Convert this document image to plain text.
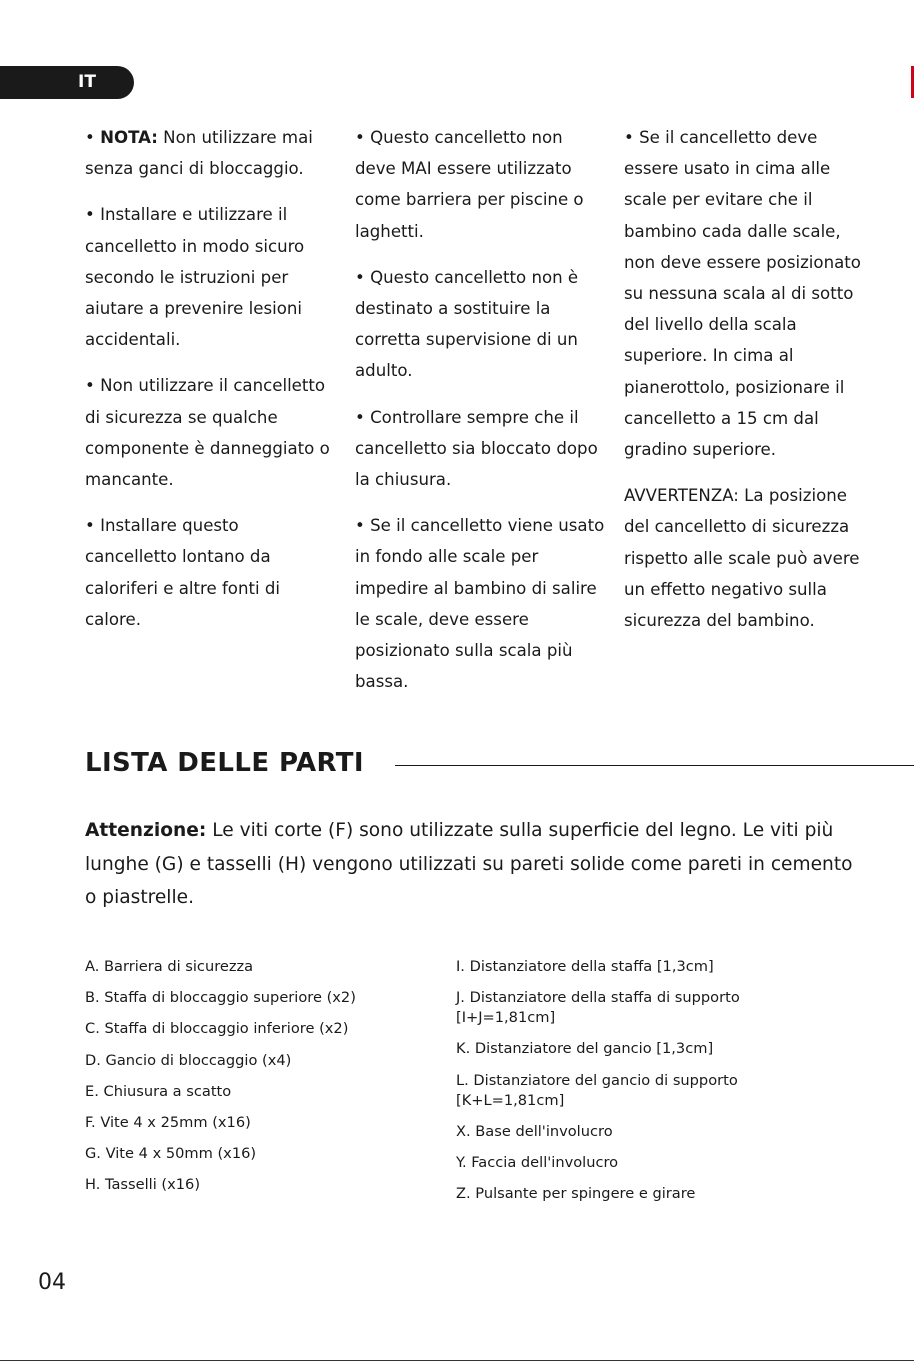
IT

• NOTA: Non utilizzare mai senza ganci di bloccaggio.

• Installare e utilizzare il cancelletto in modo sicuro secondo le istruzioni per aiutare a prevenire lesioni accidentali.

• Non utilizzare il cancelletto di sicurezza se qualche componente è danneggiato o mancante.

• Installare questo cancelletto lontano da caloriferi e altre fonti di calore.

• Questo cancelletto non deve MAI essere utilizzato come barriera per piscine o laghetti.

• Questo cancelletto non è destinato a sostituire la corretta supervisione di un adulto.

• Controllare sempre che il cancelletto sia bloccato dopo la chiusura.

• Se il cancelletto viene usato in fondo alle scale per impedire al bambino di salire le scale, deve essere posizionato sulla scala più bassa.

• Se il cancelletto deve essere usato in cima alle scale per evitare che il bambino cada dalle scale, non deve essere posizionato su nessuna scala al di sotto del livello della scala superiore. In cima al pianerottolo, posizionare il cancelletto a 15 cm dal gradino superiore.

AVVERTENZA: La posizione del cancelletto di sicurezza rispetto alle scale può avere un effetto negativo sulla sicurezza del bambino.

LISTA DELLE PARTI

Attenzione: Le viti corte (F) sono utilizzate sulla superficie del legno. Le viti più lunghe (G) e tasselli (H) vengono utilizzati su pareti solide come pareti in cemento o piastrelle.

A. Barriera di sicurezza
B. Staffa di bloccaggio superiore (x2)
C. Staffa di bloccaggio inferiore (x2)
D. Gancio di bloccaggio (x4)
E. Chiusura a scatto
F. Vite 4 x 25mm (x16)
G. Vite 4 x 50mm (x16)
H. Tasselli (x16)
I. Distanziatore della staffa [1,3cm]
J. Distanziatore della staffa di supporto [I+J=1,81cm]
K. Distanziatore del gancio [1,3cm]
L. Distanziatore del gancio di supporto [K+L=1,81cm]
X. Base dell'involucro
Y. Faccia dell'involucro
Z. Pulsante per spingere e girare
04
